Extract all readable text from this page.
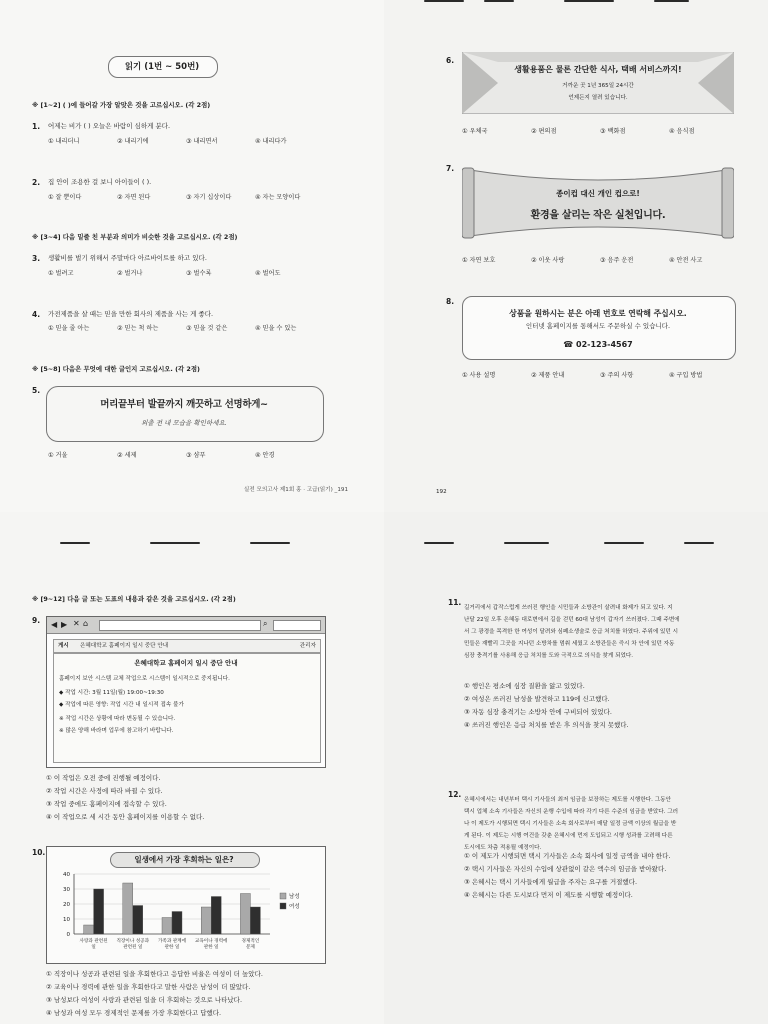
읽기 (1번 ~ 50번)
※ [1~2] ( )에 들어갈 가장 알맞은 것을 고르십시오. (각 2점)
1. 어제는 비가 ( ) 오늘은 바람이 심하게 분다.
① 내리더니	② 내리기에	③ 내리면서	④ 내리다가
2. 집 안이 조용한 걸 보니 아이들이 ( ).
① 잘 뿐이다	② 자면 된다	③ 자기 십상이다	④ 자는 모양이다
※ [3~4] 다음 밑줄 친 부분과 의미가 비슷한 것을 고르십시오. (각 2점)
3. 생활비를 벌기 위해서 주말마다 아르바이트를 하고 있다.
① 벌려고	② 벌거나	③ 벌수록	④ 벌어도
4. 가전제품을 살 때는 믿을 만한 회사의 제품을 사는 게 좋다.
① 믿을 줄 아는	② 믿는 척 하는	③ 믿을 것 같은	④ 믿을 수 있는
※ [5~8] 다음은 무엇에 대한 글인지 고르십시오. (각 2점)
5.
머리끝부터 발끝까지 깨끗하고 선명하게~
외출 전 내 모습을 확인하세요.
① 거울	② 세제	③ 샴푸	④ 안경
실전 모의고사 제1회 홍 · 고급(읽기) _191
6.
생활용품은 물론 간단한 식사, 택배 서비스까지!
거까운 곳 1년 365일 24시간
언제든지 열려 있습니다.
① 우체국	② 편의점	③ 백화점	④ 음식점
7.
종이컵 대신 개인 컵으로!
환경을 살리는 작은 실천입니다.
① 자연 보호	② 이웃 사랑	③ 음주 운전	④ 안전 사고
8.
상품을 원하시는 분은 아래 번호로 연락해 주십시오.
인터넷 홈페이지를 통해서도 주문하실 수 있습니다.
☎ 02-123-4567
① 사용 설명	② 제품 안내	③ 주의 사항	④ 구입 방법
192
※ [9~12] 다음 글 또는 도표의 내용과 같은 것을 고르십시오. (각 2점)
9. ◀ ▶ ✕ ⌂	⌕
게시 은혜대학교 홈페이지 일시 중단 안내	관리자
은혜대학교 홈페이지 일시 중단 안내
홈페이지 보안 시스템 교체 작업으로 시스템이 일시적으로 중지됩니다.
◆ 작업 시간: 3월 11일(월) 19:00~19:30
◆ 작업에 따른 영향: 작업 시간 내 일시적 접속 불가
※ 작업 시간은 상황에 따라 변동될 수 있습니다.
※ 많은 양해 바라며 업무에 참고하기 바랍니다.
① 이 작업은 오전 중에 진행될 예정이다.
② 작업 시간은 사정에 따라 바뀔 수 있다.
③ 작업 중에도 홈페이지에 접속할 수 있다.
④ 이 작업으로 세 시간 동안 홈페이지를 이용할 수 없다.
10.
일생에서 가장 후회하는 일은?
0
10
20
30
40
사랑과 관련된
일
직장이나 성공과
관련된 일
가족과 관계에
관한 일
교육이나 경력에
관한 일
경제적인
문제
남성
여성
① 직장이나 성공과 관련된 일을 후회한다고 응답한 비율은 여성이 더 높았다.
② 교육이나 경력에 관한 일을 후회한다고 말한 사람은 남성이 더 많았다.
③ 남성보다 여성이 사랑과 관련된 일을 더 후회하는 것으로 나타났다.
④ 남성과 여성 모두 경제적인 문제를 가장 후회한다고 답했다.
11.
길거리에서 갑작스럽게 쓰러진 행인을 시민들과 소방관이 살려내 화제가 되고 있다. 지
난달 22일 오후 은혜동 대로변에서 길을 걷던 60대 남성이 갑자기 쓰러졌다. 그때 주변에
서 그 광경을 목격한 한 여성이 달려와 심폐소생술로 응급 처치를 하였다. 주위에 있던 시
민들은 재빨리 그곳을 지나던 소방차를 멈춰 세웠고 소방관들은 즉시 차 안에 있던 자동
심장 충격기를 사용해 응급 처치를 도와 극적으로 의식을 찾게 되었다.
① 행인은 평소에 심장 질환을 앓고 있었다.
② 여성은 쓰러진 남성을 발견하고 119에 신고했다.
③ 자동 심장 충격기는 소방차 안에 구비되어 있었다.
④ 쓰러진 행인은 응급 처치를 받은 후 의식을 찾지 못했다.
12.
은혜시에서는 내년부터 택시 기사들의 최저 임금을 보장하는 제도를 시행한다. 그동안
택시 업체 소속 기사들은 자신의 운행 수입에 따라 각기 다른 수준의 임금을 받았다. 그러
나 이 제도가 시행되면 택시 기사들은 소속 회사로부터 매달 일정 금액 이상의 월급을 받
게 된다. 이 제도는 시행 여건을 갖춘 은혜시에 먼저 도입되고 시행 성과를 고려해 다른
도시에도 차츰 적용될 예정이다.
① 이 제도가 시행되면 택시 기사들은 소속 회사에 일정 금액을 내야 한다.
② 택시 기사들은 자신의 수입에 상관없이 같은 액수의 임금을 받아왔다.
③ 은혜시는 택시 기사들에게 월급을 주자는 요구를 거절했다.
④ 은혜시는 다른 도시보다 먼저 이 제도를 시행할 예정이다.
